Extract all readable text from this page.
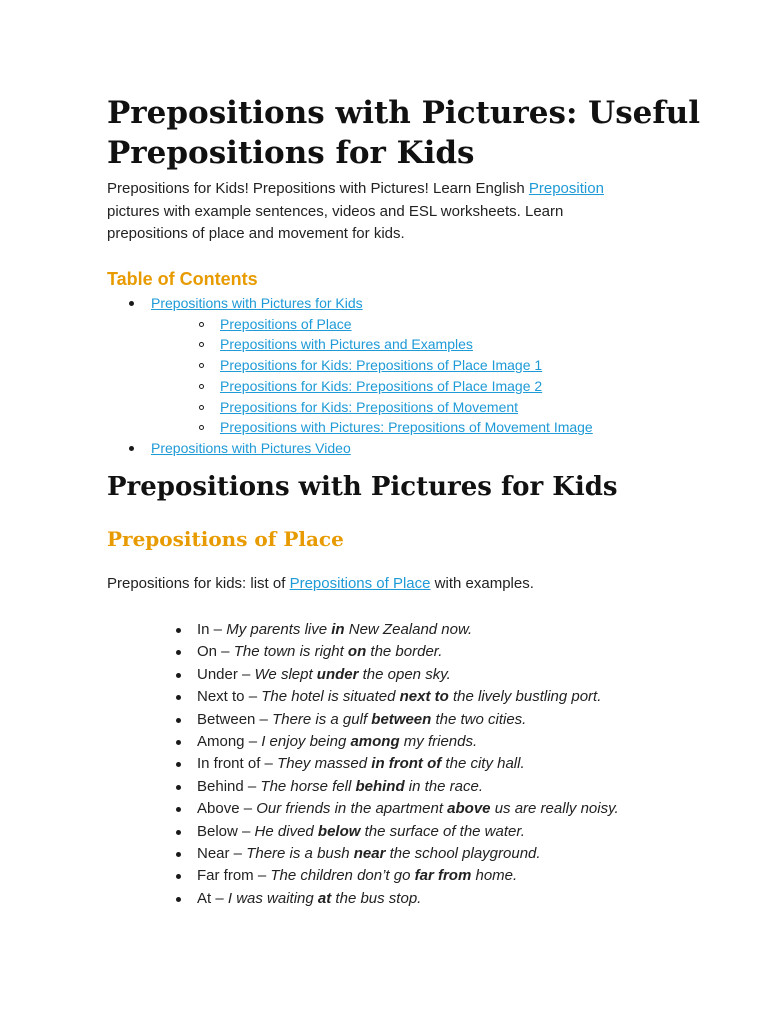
Prepositions with Pictures: Useful Prepositions for Kids

Prepositions for Kids! Prepositions with Pictures! Learn English Preposition pictures with example sentences, videos and ESL worksheets. Learn prepositions of place and movement for kids.

Table of Contents
Prepositions with Pictures for Kids
Prepositions of Place
Prepositions with Pictures and Examples
Prepositions for Kids: Prepositions of Place Image 1
Prepositions for Kids: Prepositions of Place Image 2
Prepositions for Kids: Prepositions of Movement
Prepositions with Pictures: Prepositions of Movement Image
Prepositions with Pictures Video
Prepositions with Pictures for Kids
Prepositions of Place

Prepositions for kids: list of Prepositions of Place with examples.

In – My parents live in New Zealand now.
On – The town is right on the border.
Under – We slept under the open sky.
Next to – The hotel is situated next to the lively bustling port.
Between – There is a gulf between the two cities.
Among – I enjoy being among my friends.
In front of – They massed in front of the city hall.
Behind – The horse fell behind in the race.
Above – Our friends in the apartment above us are really noisy.
Below – He dived below the surface of the water.
Near – There is a bush near the school playground.
Far from – The children don’t go far from home.
At – I was waiting at the bus stop.
